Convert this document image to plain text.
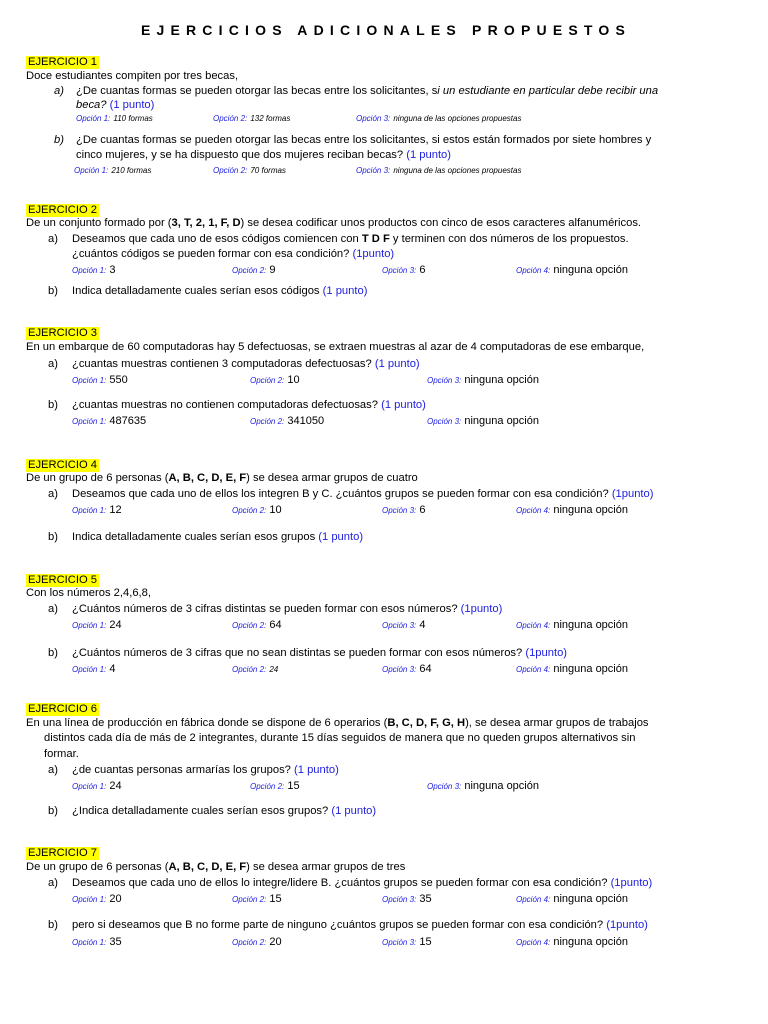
EJERCICIOS ADICIONALES PROPUESTOS
EJERCICIO 1
Doce estudiantes compiten por tres becas,
a) ¿De cuantas formas se pueden otorgar las becas entre los solicitantes, si un estudiante en particular debe recibir una
beca? (1 punto)
Opción 1: 110 formas	Opción 2: 132 formas	Opción 3: ninguna de las opciones propuestas
b) ¿De cuantas formas se pueden otorgar las becas entre los solicitantes, si estos están formados por siete hombres y
cinco mujeres, y se ha dispuesto que dos mujeres reciban becas? (1 punto)
Opción 1: 210 formas	Opción 2: 70 formas	Opción 3: ninguna de las opciones propuestas
EJERCICIO 2
De un conjunto formado por (3, T, 2, 1, F, D) se desea codificar unos productos con cinco de esos caracteres alfanuméricos.
a) Deseamos que cada uno de esos códigos comiencen con T D F y terminen con dos números de los propuestos.
¿cuántos códigos se pueden formar con esa condición? (1punto)
Opción 1: 3	Opción 2: 9	Opción 3: 6	Opción 4: ninguna opción
b) Indica detalladamente cuales serían esos códigos (1 punto)
EJERCICIO 3
En un embarque de 60 computadoras hay 5 defectuosas, se extraen muestras al azar de 4 computadoras de ese embarque,
a) ¿cuantas muestras contienen 3 computadoras defectuosas? (1 punto)
Opción 1: 550	Opción 2: 10	Opción 3: ninguna opción
b) ¿cuantas muestras no contienen computadoras defectuosas? (1 punto)
Opción 1: 487635	Opción 2: 341050	Opción 3: ninguna opción
EJERCICIO 4
De un grupo de 6 personas (A, B, C, D, E, F) se desea armar grupos de cuatro
a) Deseamos que cada uno de ellos los integren B y C. ¿cuántos grupos se pueden formar con esa condición? (1punto)
Opción 1: 12	Opción 2: 10	Opción 3: 6	Opción 4: ninguna opción
b) Indica detalladamente cuales serían esos grupos (1 punto)
EJERCICIO 5
Con los números 2,4,6,8,
a) ¿Cuántos números de 3 cifras distintas se pueden formar con esos números? (1punto)
Opción 1: 24	Opción 2: 64	Opción 3: 4	Opción 4: ninguna opción
b) ¿Cuántos números de 3 cifras que no sean distintas se pueden formar con esos números? (1punto)
Opción 1: 4	Opción 2: 24	Opción 3: 64	Opción 4: ninguna opción
EJERCICIO 6
En una línea de producción en fábrica donde se dispone de 6 operarios (B, C, D, F, G, H), se desea armar grupos de trabajos
distintos cada día de más de 2 integrantes, durante 15 días seguidos de manera que no queden grupos alternativos sin
formar.
a) ¿de cuantas personas armarías los grupos? (1 punto)
Opción 1: 24	Opción 2: 15	Opción 3: ninguna opción
b) ¿Indica detalladamente cuales serían esos grupos? (1 punto)
EJERCICIO 7
De un grupo de 6 personas (A, B, C, D, E, F) se desea armar grupos de tres
a) Deseamos que cada uno de ellos lo integre/lidere B. ¿cuántos grupos se pueden formar con esa condición? (1punto)
Opción 1: 20	Opción 2: 15	Opción 3: 35	Opción 4: ninguna opción
b) pero si deseamos que B no forme parte de ninguno ¿cuántos grupos se pueden formar con esa condición? (1punto)
Opción 1: 35	Opción 2: 20	Opción 3: 15	Opción 4: ninguna opción
